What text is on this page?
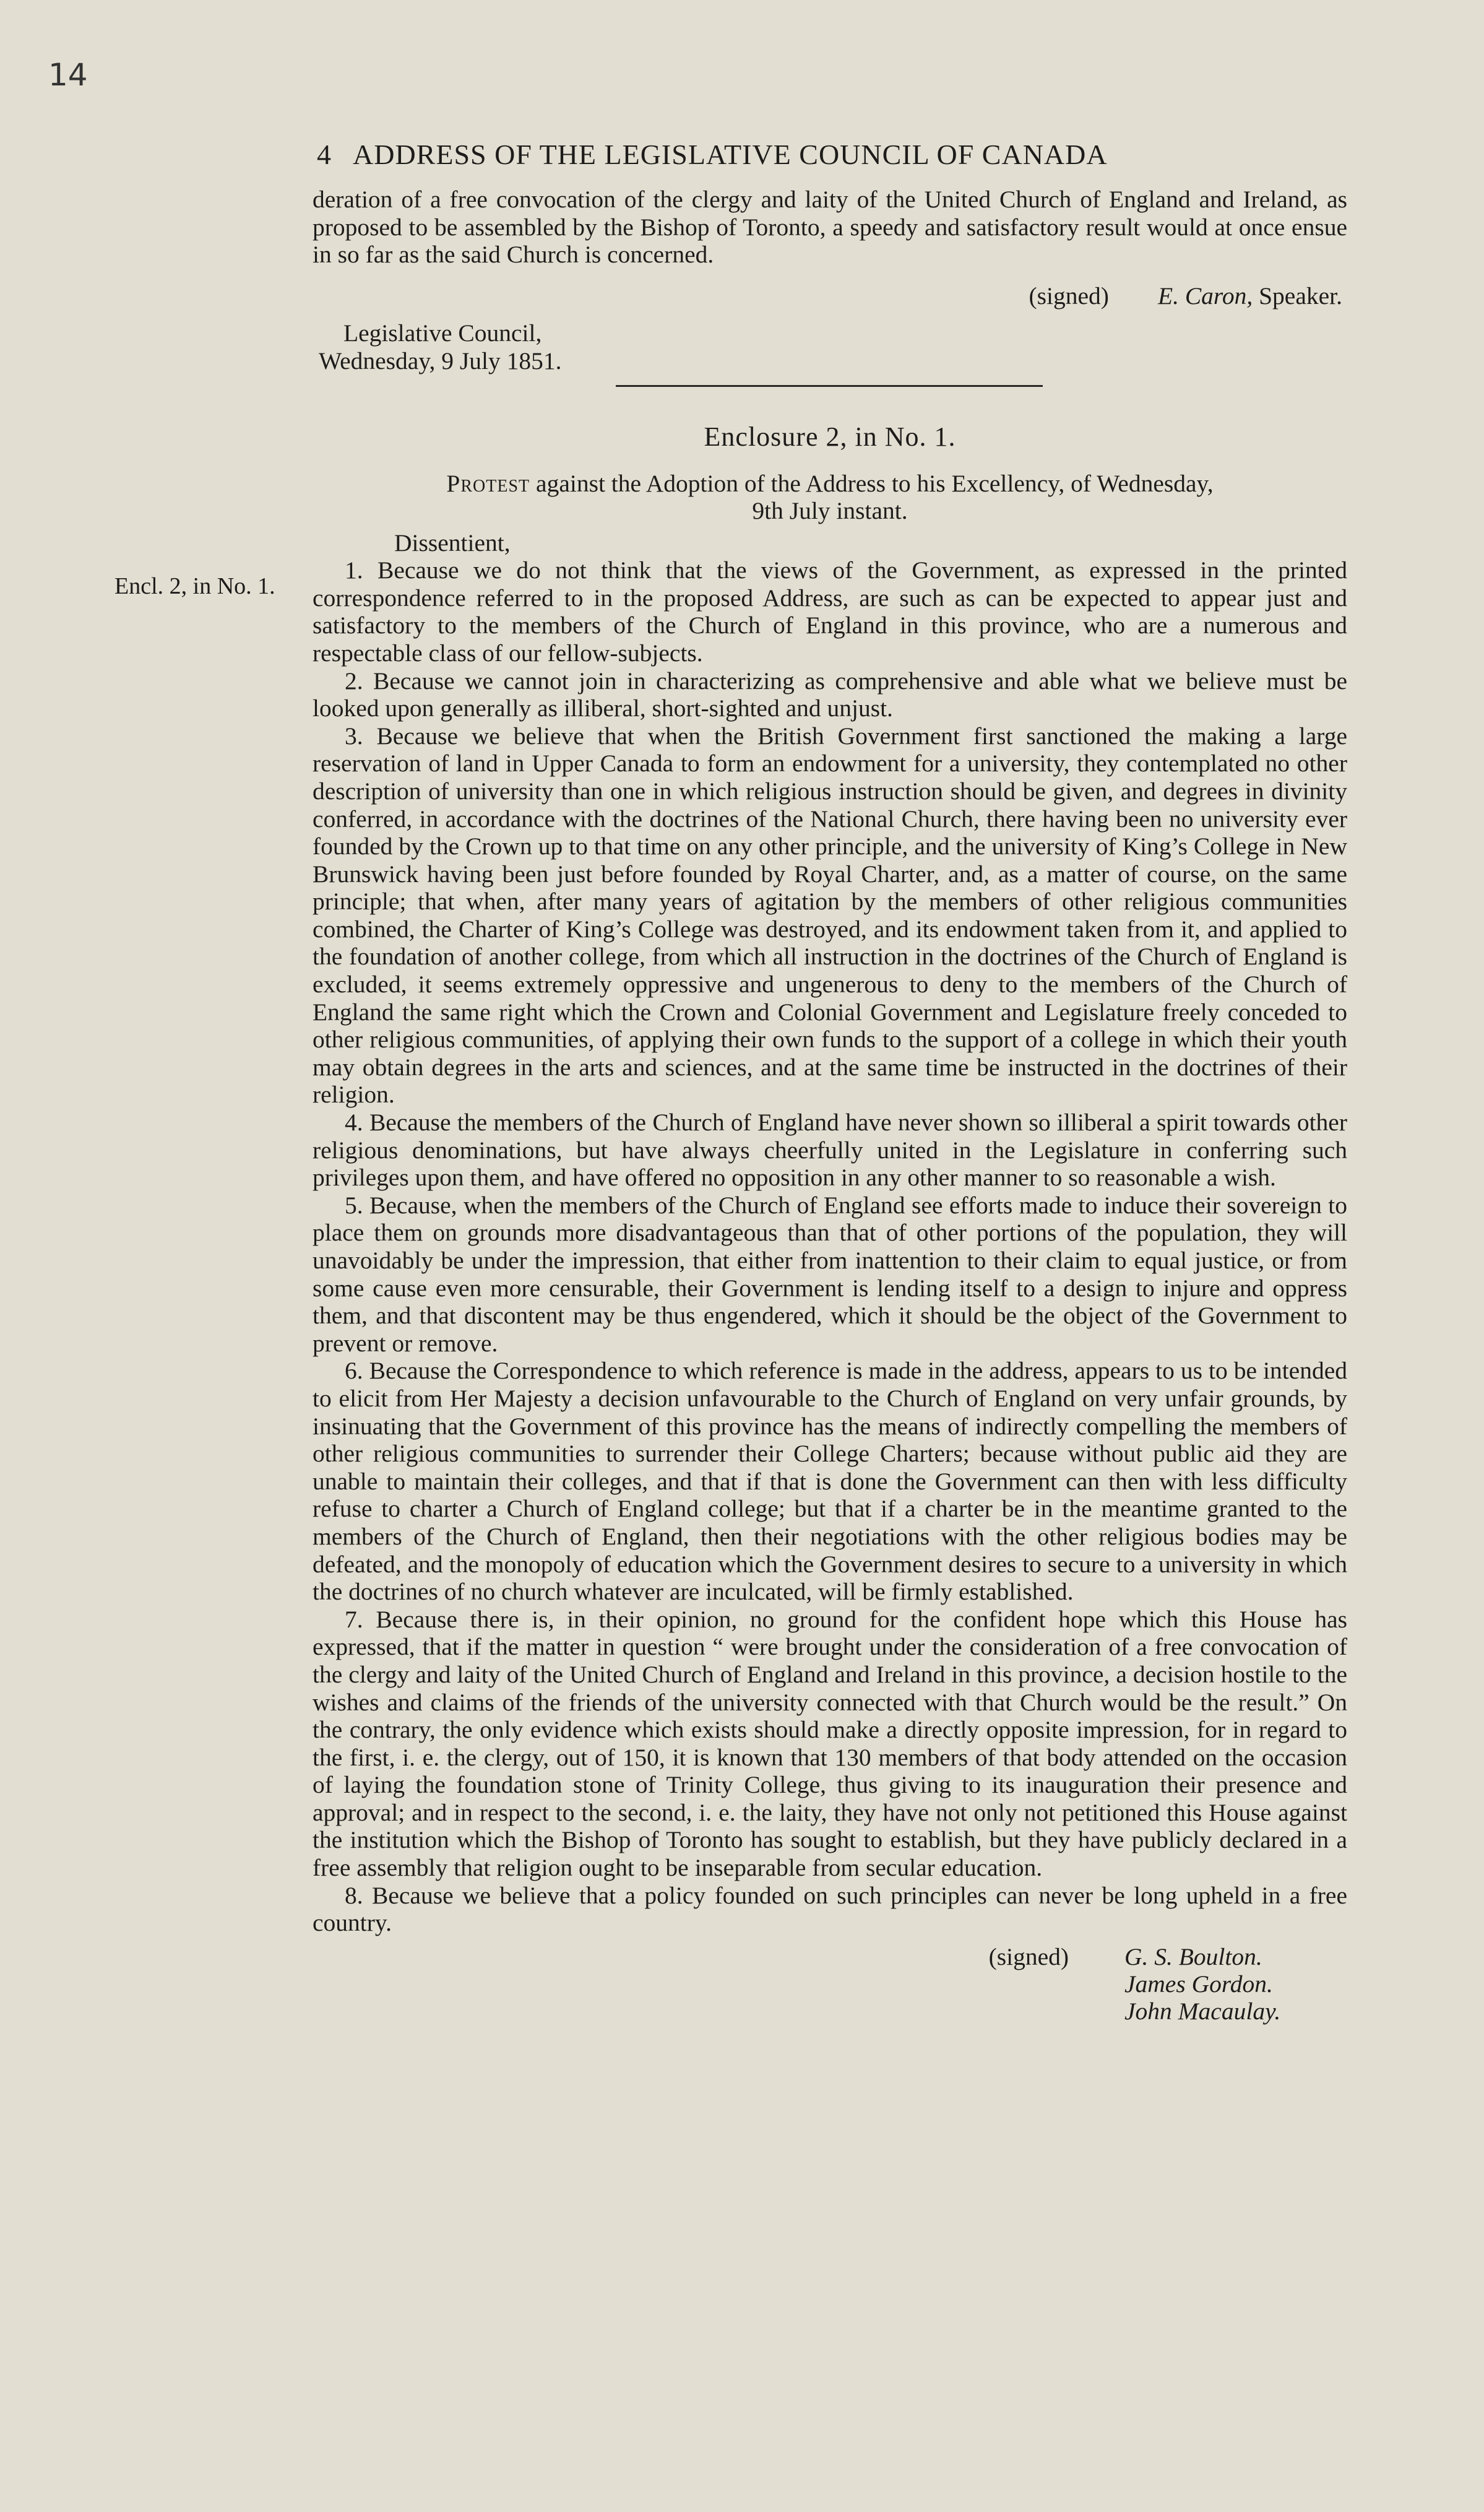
14
Encl. 2, in No. 1.
4 ADDRESS OF THE LEGISLATIVE COUNCIL OF CANADA

deration of a free convocation of the clergy and laity of the United Church of England and Ireland, as proposed to be assembled by the Bishop of Toronto, a speedy and satisfactory result would at once ensue in so far as the said Church is concerned.

(signed) E. Caron, Speaker.

Legislative Council,

Wednesday, 9 July 1851.

Enclosure 2, in No. 1.
Protest against the Adoption of the Address to his Excellency, of Wednesday,
9th July instant.

Dissentient,

1. Because we do not think that the views of the Government, as expressed in the printed correspondence referred to in the proposed Address, are such as can be expected to appear just and satisfactory to the members of the Church of England in this province, who are a numerous and respectable class of our fellow-subjects.

2. Because we cannot join in characterizing as comprehensive and able what we believe must be looked upon generally as illiberal, short-sighted and unjust.

3. Because we believe that when the British Government first sanctioned the making a large reservation of land in Upper Canada to form an endowment for a university, they contemplated no other description of university than one in which religious instruction should be given, and degrees in divinity conferred, in accordance with the doctrines of the National Church, there having been no university ever founded by the Crown up to that time on any other principle, and the university of King’s College in New Brunswick having been just before founded by Royal Charter, and, as a matter of course, on the same principle; that when, after many years of agitation by the members of other religious communities combined, the Charter of King’s College was destroyed, and its endowment taken from it, and applied to the foundation of another college, from which all instruction in the doctrines of the Church of England is excluded, it seems extremely oppressive and ungenerous to deny to the members of the Church of England the same right which the Crown and Colonial Government and Legislature freely conceded to other religious communities, of applying their own funds to the support of a college in which their youth may obtain degrees in the arts and sciences, and at the same time be instructed in the doctrines of their religion.

4. Because the members of the Church of England have never shown so illiberal a spirit towards other religious denominations, but have always cheerfully united in the Legislature in conferring such privileges upon them, and have offered no opposition in any other manner to so reasonable a wish.

5. Because, when the members of the Church of England see efforts made to induce their sovereign to place them on grounds more disadvantageous than that of other portions of the population, they will unavoidably be under the impression, that either from inattention to their claim to equal justice, or from some cause even more censurable, their Government is lending itself to a design to injure and oppress them, and that discontent may be thus engendered, which it should be the object of the Government to prevent or remove.

6. Because the Correspondence to which reference is made in the address, appears to us to be intended to elicit from Her Majesty a decision unfavourable to the Church of England on very unfair grounds, by insinuating that the Government of this province has the means of indirectly compelling the members of other religious communities to surrender their College Charters; because without public aid they are unable to maintain their colleges, and that if that is done the Government can then with less difficulty refuse to charter a Church of England college; but that if a charter be in the meantime granted to the members of the Church of England, then their negotiations with the other religious bodies may be defeated, and the monopoly of education which the Government desires to secure to a university in which the doctrines of no church whatever are inculcated, will be firmly established.

7. Because there is, in their opinion, no ground for the confident hope which this House has expressed, that if the matter in question “ were brought under the consideration of a free convocation of the clergy and laity of the United Church of England and Ireland in this province, a decision hostile to the wishes and claims of the friends of the university connected with that Church would be the result.” On the contrary, the only evidence which exists should make a directly opposite impression, for in regard to the first, i. e. the clergy, out of 150, it is known that 130 members of that body attended on the occasion of laying the foundation stone of Trinity College, thus giving to its inauguration their presence and approval; and in respect to the second, i. e. the laity, they have not only not petitioned this House against the institution which the Bishop of Toronto has sought to establish, but they have publicly declared in a free assembly that religion ought to be inseparable from secular education.

8. Because we believe that a policy founded on such principles can never be long upheld in a free country.

(signed) G. S. Boulton.
James Gordon.
John Macaulay.
